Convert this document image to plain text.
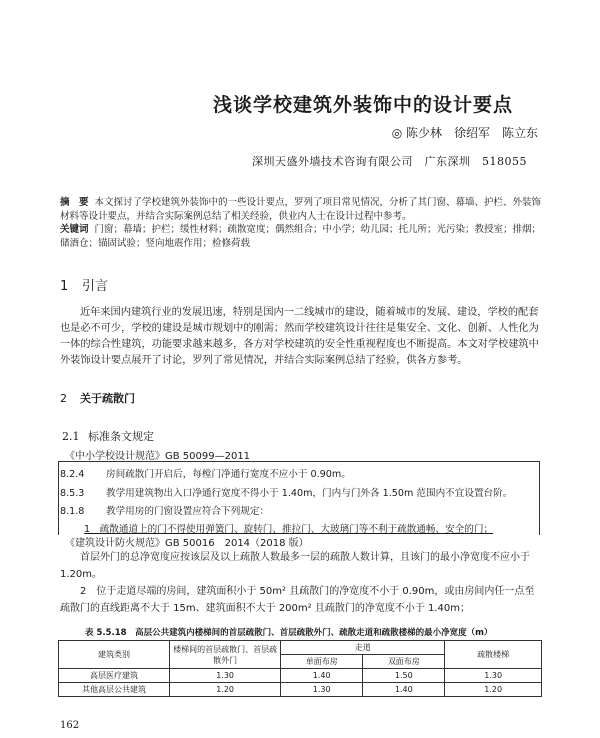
浅谈学校建筑外装饰中的设计要点
◎ 陈少林　徐绍军　陈立东
深圳天盛外墙技术咨询有限公司　广东深圳　518055
摘　要 本文探讨了学校建筑外装饰中的一些设计要点，罗列了项目常见情况，分析了其门窗、幕墙、护栏、外装饰材料等设计要点，并结合实际案例总结了相关经验，供业内人士在设计过程中参考。
关键词 门窗；幕墙；护栏；缓性材料；疏散宽度；偶然组合；中小学；幼儿园；托儿所；光污染；教授室；排烟；储酒仓；锚固试验；竖向地震作用；检修荷载
1 引言
近年来国内建筑行业的发展迅速，特别是国内一二线城市的建设，随着城市的发展、建设，学校的配套也是必不可少，学校的建设是城市规划中的刚需；然而学校建筑设计往往是集安全、文化、创新、人性化为一体的综合性建筑，功能要求越来越多，各方对学校建筑的安全性重视程度也不断提高。本文对学校建筑中外装饰设计要点展开了讨论，罗列了常见情况，并结合实际案例总结了经验，供各方参考。
2 关于疏散门
2.1 标准条文规定
《中小学校设计规范》GB 50099—2011
8.2.4 房间疏散门开启后，每樘门净通行宽度不应小于 0.90m。
8.5.3 教学用建筑物出入口净通行宽度不得小于 1.40m，门内与门外各 1.50m 范围内不宜设置台阶。
8.1.8 教学用房的门窗设置应符合下列规定：
1　疏散通道上的门不得使用弹簧门、旋转门、推拉门、大玻璃门等不利于疏散通畅、安全的门；
《建筑设计防火规范》GB 50016　2014（2018 版）
首层外门的总净宽度应按该层及以上疏散人数最多一层的疏散人数计算，且该门的最小净宽度不应小于 1.20m。
2　位于走道尽端的房间，建筑面积小于 50m² 且疏散门的净宽度不小于 0.90m，或由房间内任一点至疏散门的直线距离不大于 15m、建筑面积不大于 200m² 且疏散门的净宽度不小于 1.40m；
表 5.5.18　高层公共建筑内楼梯间的首层疏散门、首层疏散外门、疏散走道和疏散楼梯的最小净宽度（m）
建筑类别	楼梯间的首层疏散门、首层疏散外门	走道		疏散楼梯
		单面布房	双面布房	
高层医疗建筑	1.30	1.40	1.50	1.30
其他高层公共建筑	1.20	1.30	1.40	1.20
162
